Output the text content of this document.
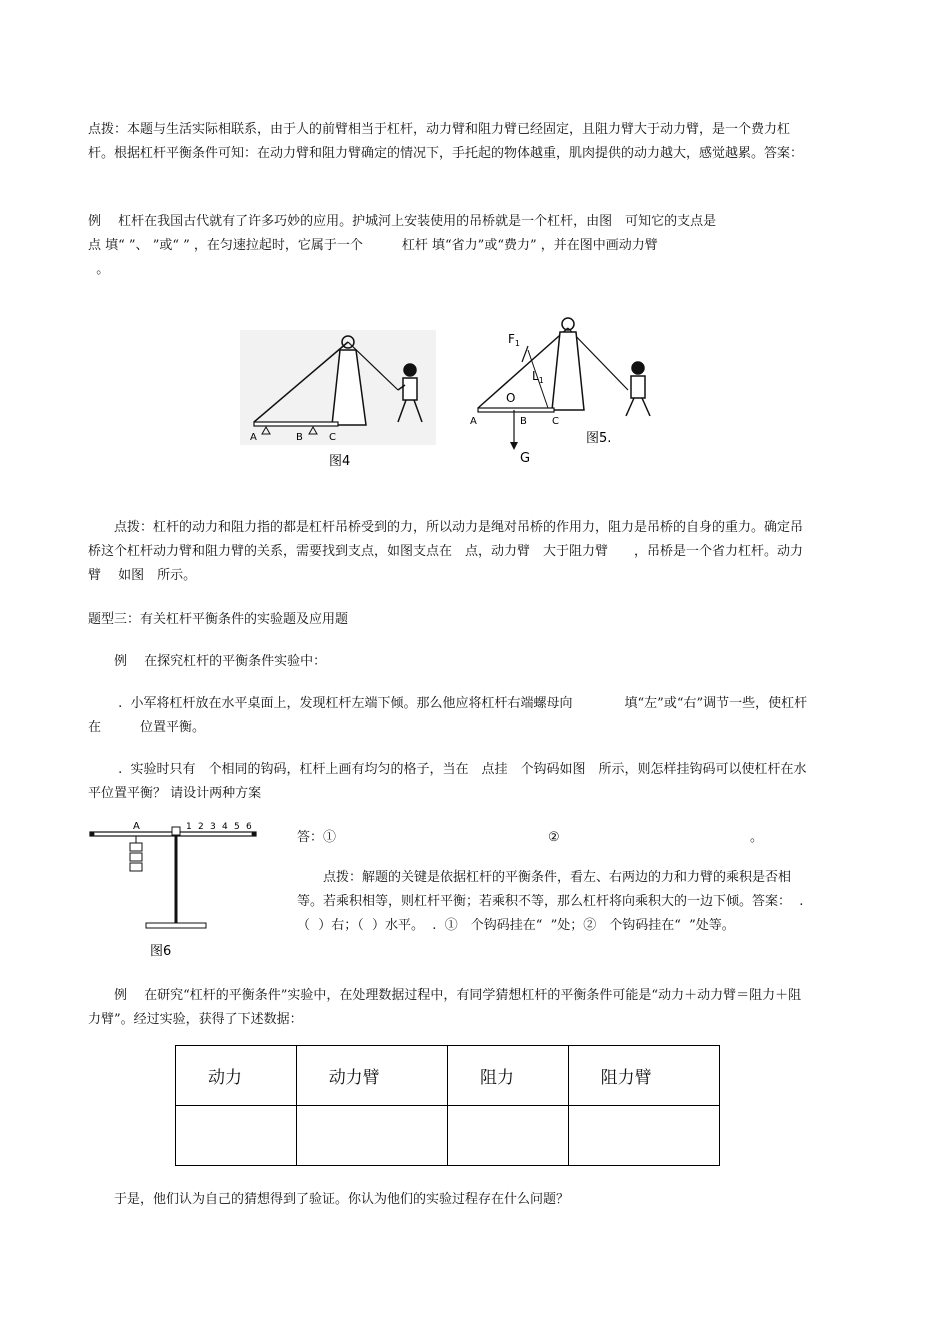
点拨：本题与生活实际相联系，由于人的前臂相当于杠杆，动力臂和阻力臂已经固定，且阻力臂大于动力臂，是一个费力杠杆。根据杠杆平衡条件可知：在动力臂和阻力臂确定的情况下，手托起的物体越重，肌肉提供的动力越大，感觉越累。答案：

例　 杠杆在我国古代就有了许多巧妙的应用。护城河上安装使用的吊桥就是一个杠杆，由图　可知它的支点是

点 填“ ”、 ”或“ ” ，在匀速拉起时，它属于一个　　　杠杆 填“省力”或“费力” ，并在图中画动力臂

。

A	B	C
图4
$F_1$
$L_1$
O
A	B	C
G
图5.

　　点拨：杠杆的动力和阻力指的都是杠杆吊桥受到的力，所以动力是绳对吊桥的作用力，阻力是吊桥的自身的重力。确定吊桥这个杠杆动力臂和阻力臂的关系，需要找到支点，如图支点在　点，动力臂　大于阻力臂　　，吊桥是一个省力杠杆。动力臂　 如图　所示。

题型三：有关杠杆平衡条件的实验题及应用题

　　例　 在探究杠杆的平衡条件实验中：

　　 .  小军将杠杆放在水平桌面上，发现杠杆左端下倾。那么他应将杠杆右端螺母向　　　　填“左”或“右”调节一些，使杠杆在　　　位置平衡。

　　 .  实验时只有　个相同的钩码，杠杆上画有均匀的格子，当在　点挂　个钩码如图　所示，则怎样挂钩码可以使杠杆在水平位置平衡？ 请设计两种方案

A	1 2 3 4 5 6
图6

答：①	②	。

　　点拨：解题的关键是依据杠杆的平衡条件，看左、右两边的力和力臂的乘积是否相等。若乘积相等，则杠杆平衡；若乘积不等，那么杠杆将向乘积大的一边下倾。答案：  .  （  ）右；（  ）水平。  .  ①　个钩码挂在“  ”处；②　个钩码挂在“  ”处等。

　　例　 在研究“杠杆的平衡条件”实验中，在处理数据过程中，有同学猜想杠杆的平衡条件可能是“动力＋动力臂＝阻力＋阻力臂”。经过实验，获得了下述数据：

动力	动力臂	阻力	阻力臂

　　于是，他们认为自己的猜想得到了验证。你认为他们的实验过程存在什么问题？
